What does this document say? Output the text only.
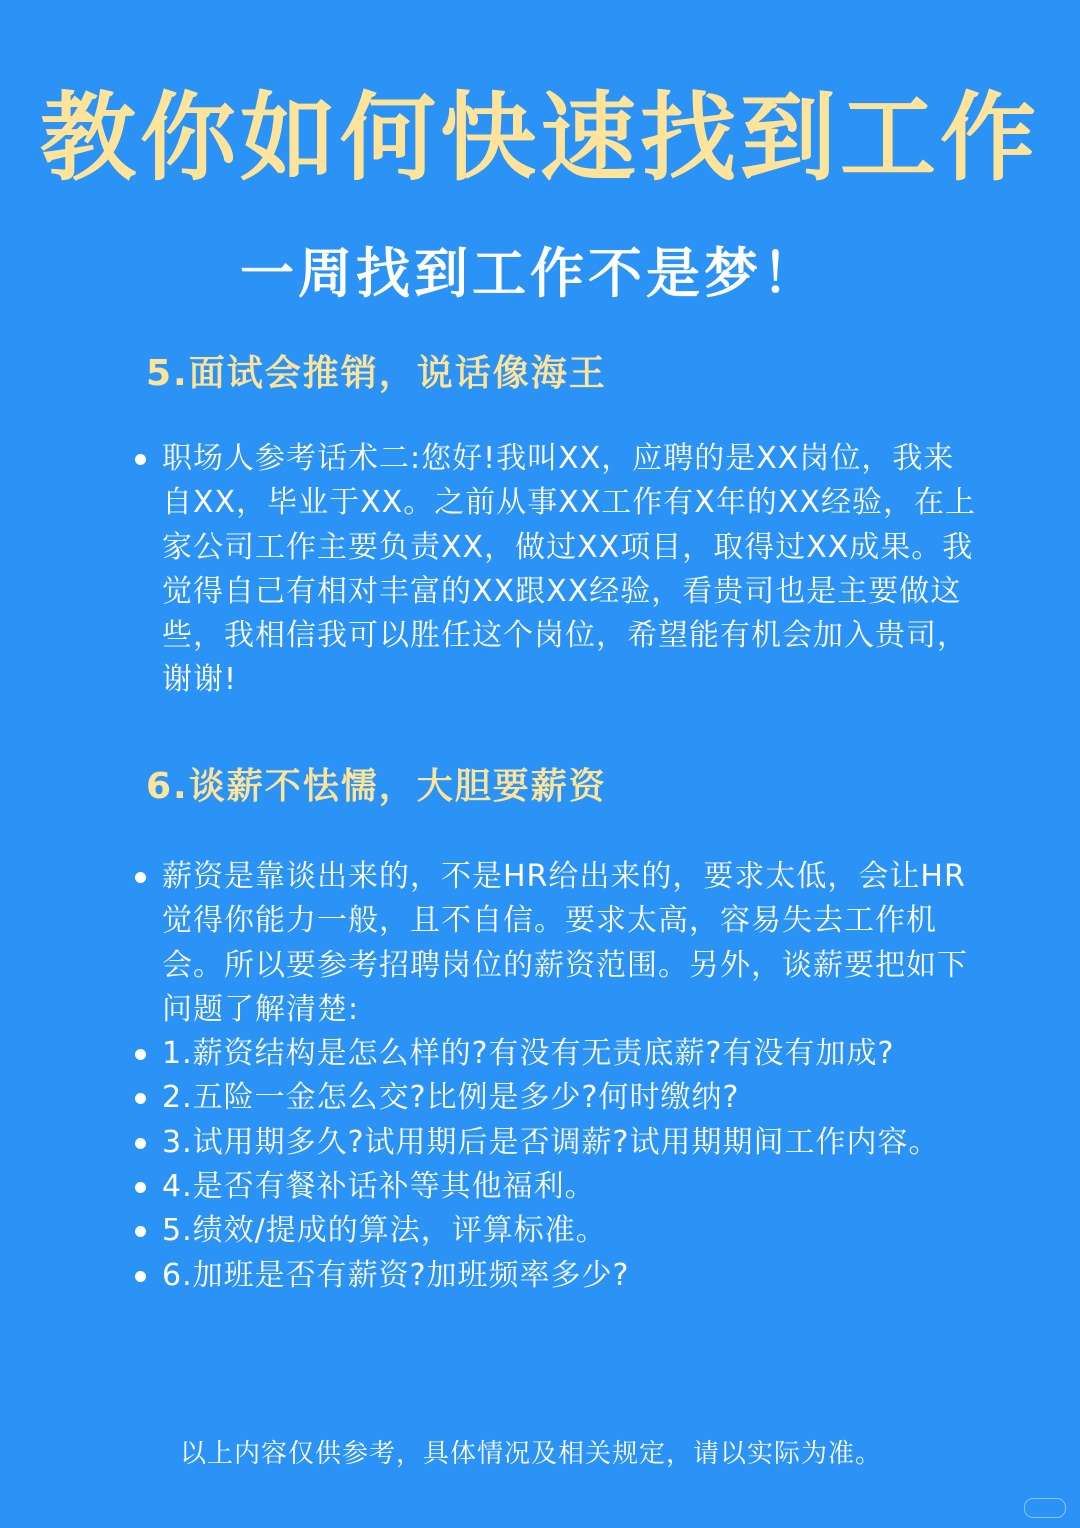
教你如何快速找到工作
一周找到工作不是梦！
5.面试会推销，说话像海王
职场人参考话术二:您好!我叫XX，应聘的是XX岗位，我来自XX，毕业于XX。之前从事XX工作有X年的XX经验，在上家公司工作主要负责XX，做过XX项目，取得过XX成果。我觉得自己有相对丰富的XX跟XX经验，看贵司也是主要做这些，我相信我可以胜任这个岗位，希望能有机会加入贵司，谢谢!
6.谈薪不怯懦，大胆要薪资
薪资是靠谈出来的，不是HR给出来的，要求太低，会让HR觉得你能力一般，且不自信。要求太高，容易失去工作机会。所以要参考招聘岗位的薪资范围。另外，谈薪要把如下问题了解清楚:
1.薪资结构是怎么样的?有没有无责底薪?有没有加成?
2.五险一金怎么交?比例是多少?何时缴纳?
3.试用期多久?试用期后是否调薪?试用期期间工作内容。
4.是否有餐补话补等其他福利。
5.绩效/提成的算法，评算标准。
6.加班是否有薪资?加班频率多少?
以上内容仅供参考，具体情况及相关规定，请以实际为准。
